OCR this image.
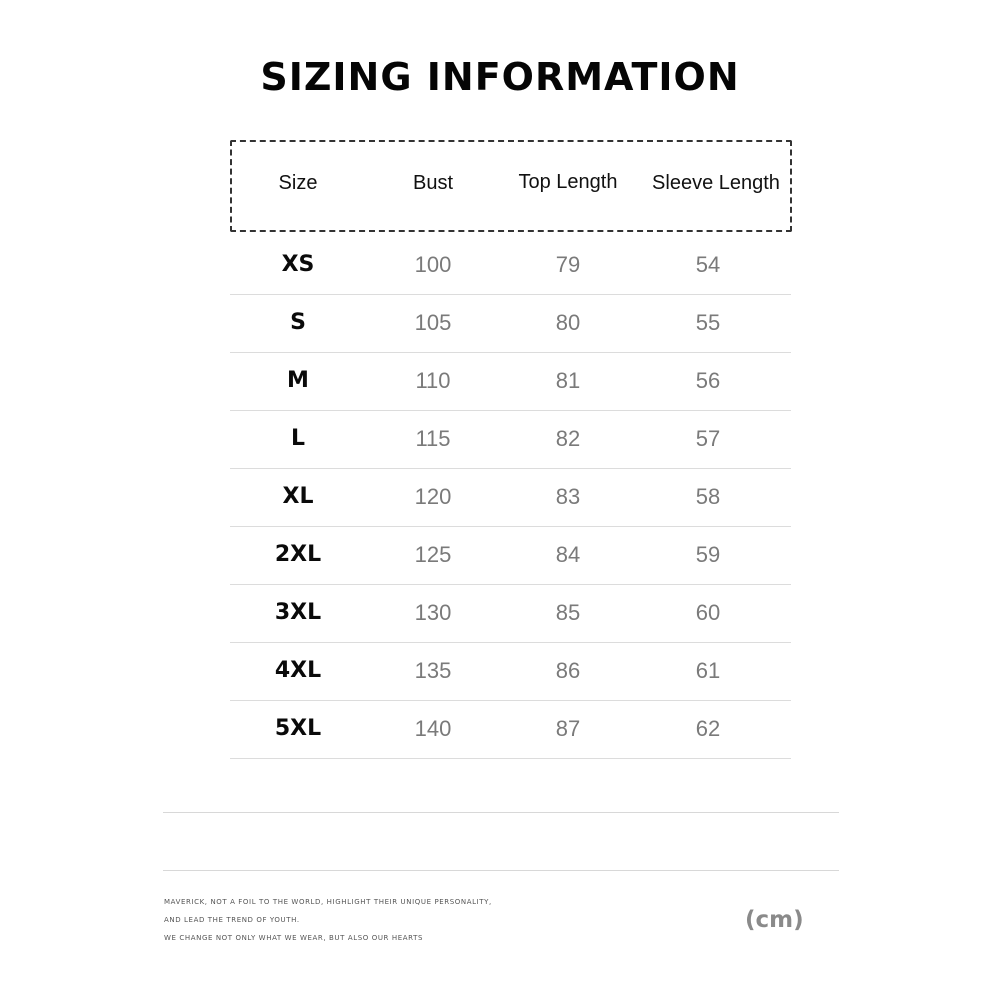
SIZING INFORMATION
Size	Bust	Top Length	Sleeve Length
XS	100	79	54
S	105	80	55
M	110	81	56
L	115	82	57
XL	120	83	58
2XL	125	84	59
3XL	130	85	60
4XL	135	86	61
5XL	140	87	62
MAVERICK, NOT A FOIL TO THE WORLD, HIGHLIGHT THEIR UNIQUE PERSONALITY,
AND LEAD THE TREND OF YOUTH.
WE CHANGE NOT ONLY WHAT WE WEAR, BUT ALSO OUR HEARTS
(cm)
